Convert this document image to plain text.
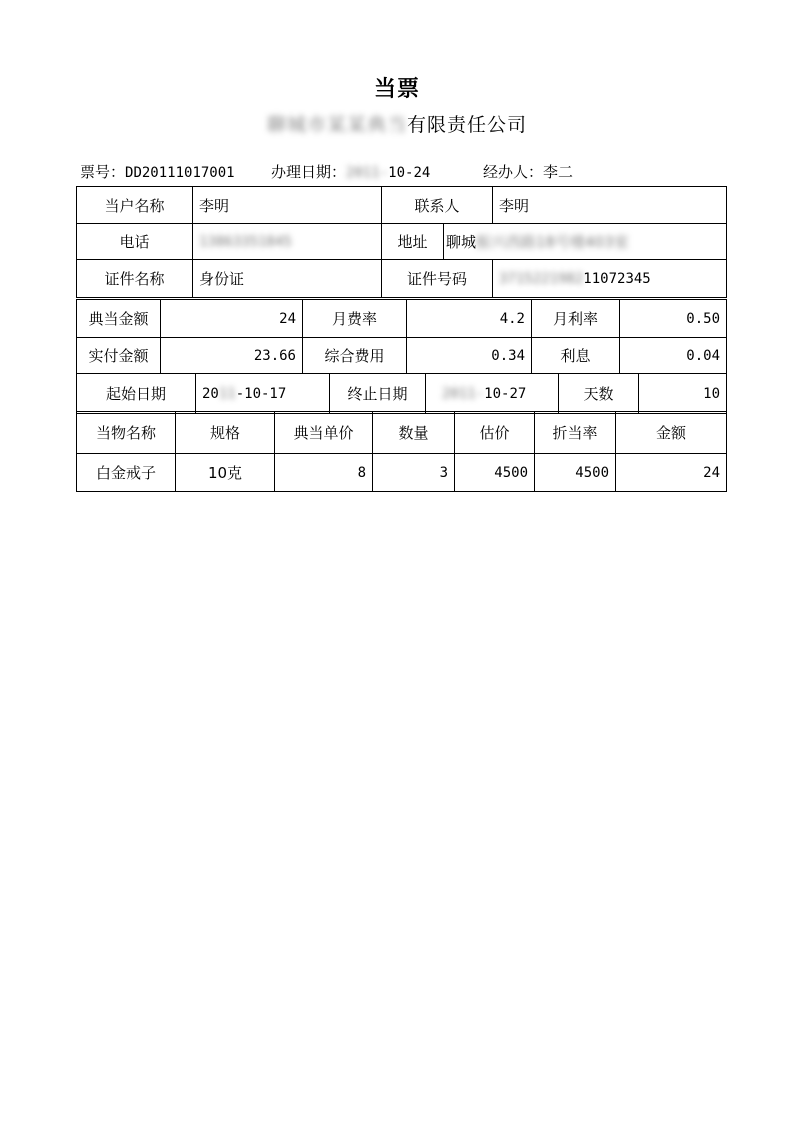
当票
聊城市某某典当有限责任公司
票号：DD20111017001 办理日期：2011-10-24	经办人：李二
当户名称	李明	联系人	李明
电话	13863351845	地址	聊城 振兴西路18号楼403室
证件名称	身份证	证件号码	3715221982 11072345
典当金额	24	月费率	4.2	月利率	0.50
实付金额	23.66	综合费用	0.34	利息	0.04
起始日期	20 11 -10-17	终止日期	2011- 10-27	天数	10
当物名称	规格	典当单价	数量	估价	折当率	金额
白金戒子	10克	8	3	4500	4500	24
